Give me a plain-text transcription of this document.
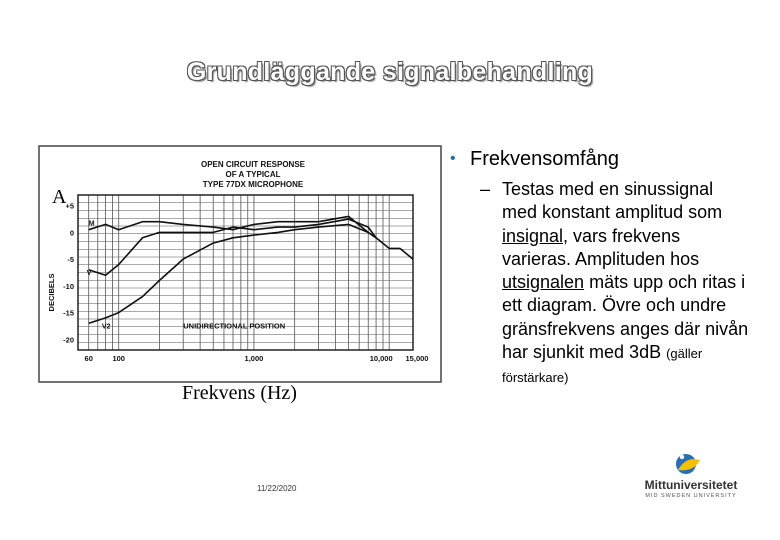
Grundläggande signalbehandling
OPEN CIRCUIT RESPONSE
OF A TYPICAL
TYPE 77DX MICROPHONE
+5
0
-5
-10
-15
-20
DECIBELS
60	100	1,000	10,000 15,000
M
V
V2	UNIDIRECTIONAL POSITION
A
Frekvens (Hz)
• Frekvensomfång
– Testas med en sinussignal med konstant amplitud som insignal, vars frekvens varieras. Amplituden hos utsignalen mäts upp och ritas i ett diagram. Övre och undre gränsfrekvens anges där nivån har sjunkit med 3dB (gäller förstärkare)
11/22/2020	Mittuniversitetet
MID SWEDEN UNIVERSITY
